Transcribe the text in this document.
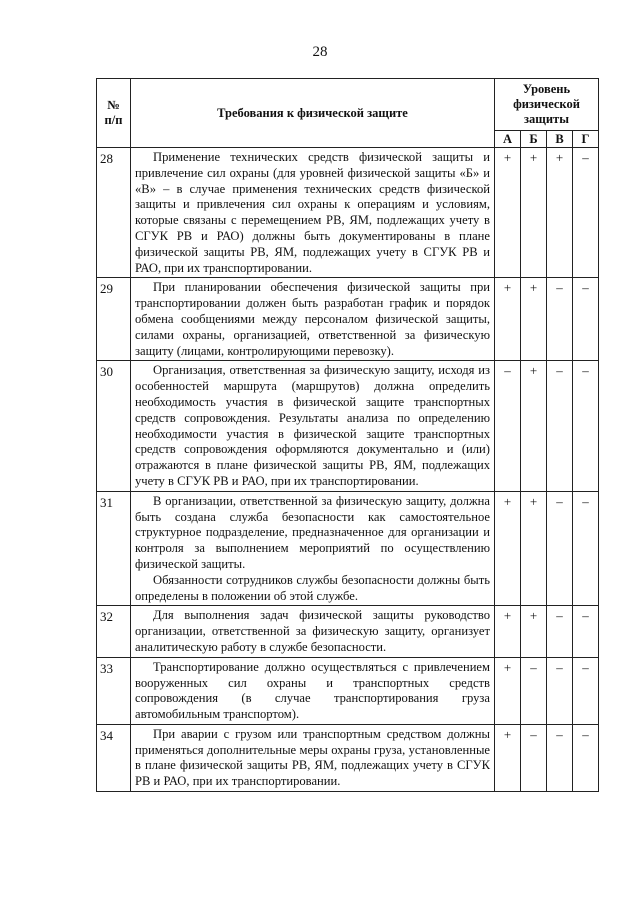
28
№ п/п	Требования к физической защите	Уровень физической защиты			
		А	Б	В	Г
28	Применение технических средств физической защиты и привлечение сил охраны (для уровней физической защиты «Б» и «В» – в случае применения технических средств физической защиты и привлечения сил охраны к операциям и условиям, которые связаны с перемещением РВ, ЯМ, подлежащих учету в СГУК РВ и РАО) должны быть документированы в плане физической защиты РВ, ЯМ, подлежащих учету в СГУК РВ и РАО, при их транспортировании.	+	+	+	–
29	При планировании обеспечения физической защиты при транспортировании должен быть разработан график и порядок обмена сообщениями между персоналом физической защиты, силами охраны, организацией, ответственной за физическую защиту (лицами, контролирующими перевозку).	+	+	–	–
30	Организация, ответственная за физическую защиту, исходя из особенностей маршрута (маршрутов) должна определить необходимость участия в физической защите транспортных средств сопровождения. Результаты анализа по определению необходимости участия в физической защите транспортных средств сопровождения оформляются документально и (или) отражаются в плане физической защиты РВ, ЯМ, подлежащих учету в СГУК РВ и РАО, при их транспортировании.	–	+	–	–
31	В организации, ответственной за физическую защиту, должна быть создана служба безопасности как самостоятельное структурное подразделение, предназначенное для организации и контроля за выполнением мероприятий по осуществлению физической защиты.

Обязанности сотрудников службы безопасности должны быть определены в положении об этой службе.	+	+	–	–
32	Для выполнения задач физической защиты руководство организации, ответственной за физическую защиту, организует аналитическую работу в службе безопасности.	+	+	–	–
33	Транспортирование должно осуществляться с привлечением вооруженных сил охраны и транспортных средств сопровождения (в случае транспортирования груза автомобильным транспортом).	+	–	–	–
34	При аварии с грузом или транспортным средством должны применяться дополнительные меры охраны груза, установленные в плане физической защиты РВ, ЯМ, подлежащих учету в СГУК РВ и РАО, при их транспортировании.	+	–	–	–
